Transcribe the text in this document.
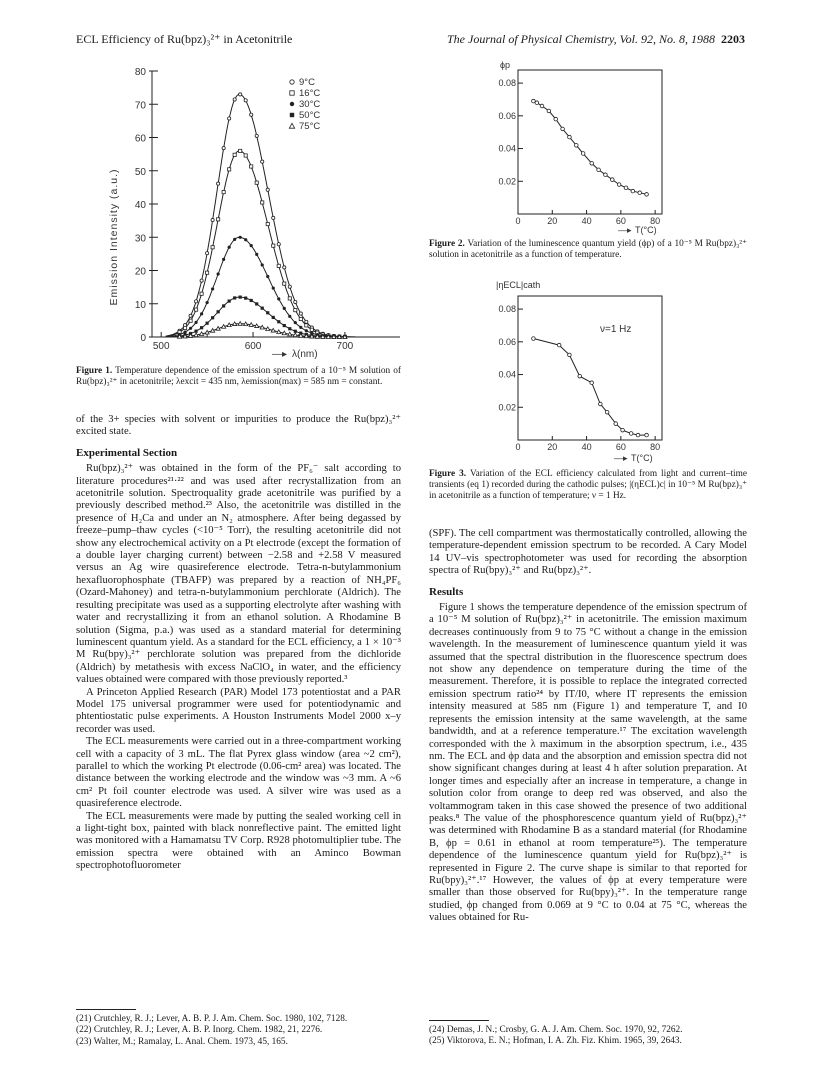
ECL Efficiency of Ru(bpz)₃²⁺ in Acetonitrile	The Journal of Physical Chemistry, Vol. 92, No. 8, 1988 2203
0
10
20
30
40
50
60
70
80
500	600	700
9°C
16°C
30°C
50°C
75°C
Emission Intensity (a.u.)
—▸ λ(nm)
Figure 1. Temperature dependence of the emission spectrum of a 10⁻⁵ M solution of Ru(bpz)₃²⁺ in acetonitrile; λexcit = 435 nm, λemission(max) = 585 nm = constant.

of the 3+ species with solvent or impurities to produce the Ru(bpz)₃²⁺ excited state.

Experimental Section

Ru(bpz)₃²⁺ was obtained in the form of the PF₆⁻ salt according to literature procedures²¹·²² and was used after recrystallization from an acetonitrile solution. Spectroquality grade acetonitrile was purified by a previously described method.²³ Also, the acetonitrile was distilled in the presence of H₂Ca and under an N₂ atmosphere. After being degassed by freeze–pump–thaw cycles (<10⁻⁵ Torr), the resulting acetonitrile did not show any electrochemical activity on a Pt electrode (except the formation of a double layer charging current) between −2.58 and +2.58 V measured versus an Ag wire quasireference electrode. Tetra-n-butylammonium hexafluorophosphate (TBAFP) was prepared by a reaction of NH₄PF₆ (Ozard-Mahoney) and tetra-n-butylammonium perchlorate (Aldrich). The resulting precipitate was used as a supporting electrolyte after washing with water and recrystallizing it from an ethanol solution. A Rhodamine B solution (Sigma, p.a.) was used as a standard material for determining luminescent quantum yield. As a standard for the ECL efficiency, a 1 × 10⁻³ M Ru(bpy)₃²⁺ perchlorate solution was prepared from the dichloride (Aldrich) by metathesis with excess NaClO₄ in water, and the efficiency values obtained were compared with those previously reported.³

A Princeton Applied Research (PAR) Model 173 potentiostat and a PAR Model 175 universal programmer were used for potentiodynamic and phtentiostatic pulse experiments. A Houston Instruments Model 2000 x–y recorder was used.

The ECL measurements were carried out in a three-compartment working cell with a capacity of 3 mL. The flat Pyrex glass window (area ~2 cm²), parallel to which the working Pt electrode (0.06-cm² area) was located. The distance between the working electrode and the window was ~3 mm. A ~6 cm² Pt foil counter electrode was used. A silver wire was used as a quasireference electrode.

The ECL measurements were made by putting the sealed working cell in a light-tight box, painted with black nonreflective paint. The emitted light was monitored with a Hamamatsu TV Corp. R928 photomultiplier tube. The emission spectra were obtained with an Aminco Bowman spectrophotofluorometer

0.02
0.04
0.06
0.08
0	20	40	60	80
ϕp
—▸ T(°C)
Figure 2. Variation of the luminescence quantum yield (ϕp) of a 10⁻⁵ M Ru(bpz)₃²⁺ solution in acetonitrile as a function of temperature.
0.02
0.04
0.06
0.08
0	20	40	60	80
|ηECL|cath
ν=1 Hz
—▸ T(°C)
Figure 3. Variation of the ECL efficiency calculated from light and current–time transients (eq 1) recorded during the cathodic pulses; |(ηECL)c| in 10⁻⁵ M Ru(bpz)₃⁺ in acetonitrile as a function of temperature; ν = 1 Hz.

(SPF). The cell compartment was thermostatically controlled, allowing the temperature-dependent emission spectrum to be recorded. A Cary Model 14 UV–vis spectrophotometer was used for recording the absorption spectra of Ru(bpy)₃²⁺ and Ru(bpz)₃²⁺.

Results

Figure 1 shows the temperature dependence of the emission spectrum of a 10⁻⁵ M solution of Ru(bpz)₃²⁺ in acetonitrile. The emission maximum decreases continuously from 9 to 75 °C without a change in the emission wavelength. In the measurement of luminescence quantum yield it was assumed that the spectral distribution in the fluorescence spectrum does not show any dependence on temperature during the time of the measurement. Therefore, it is possible to replace the integrated corrected emission spectrum ratio²⁴ by IT/I0, where IT represents the emission intensity measured at 585 nm (Figure 1) and temperature T, and I0 represents the emission intensity at the same wavelength, at the same bandwidth, and at a reference temperature.¹⁷ The excitation wavelength corresponded with the λ maximum in the absorption spectrum, i.e., 435 nm. The ECL and ϕp data and the absorption and emission spectra did not show significant changes during at least 4 h after solution preparation. At longer times and especially after an increase in temperature, a change in solution color from orange to deep red was observed, and also the voltammogram taken in this case showed the presence of two additional peaks.⁸ The value of the phosphorescence quantum yield of Ru(bpz)₃²⁺ was determined with Rhodamine B as a standard material (for Rhodamine B, ϕp = 0.61 in ethanol at room temperature²⁵). The temperature dependence of the luminescence quantum yield for Ru(bpz)₃²⁺ is represented in Figure 2. The curve shape is similar to that reported for Ru(bpy)₃²⁺.¹⁷ However, the values of ϕp at every temperature were smaller than those observed for Ru(bpy)₃²⁺. In the temperature range studied, ϕp changed from 0.069 at 9 °C to 0.04 at 75 °C, whereas the values obtained for Ru-

(21) Crutchley, R. J.; Lever, A. B. P. J. Am. Chem. Soc. 1980, 102, 7128.
(22) Crutchley, R. J.; Lever, A. B. P. Inorg. Chem. 1982, 21, 2276.
(23) Walter, M.; Ramalay, L. Anal. Chem. 1973, 45, 165.
(24) Demas, J. N.; Crosby, G. A. J. Am. Chem. Soc. 1970, 92, 7262.
(25) Viktorova, E. N.; Hofman, I. A. Zh. Fiz. Khim. 1965, 39, 2643.
